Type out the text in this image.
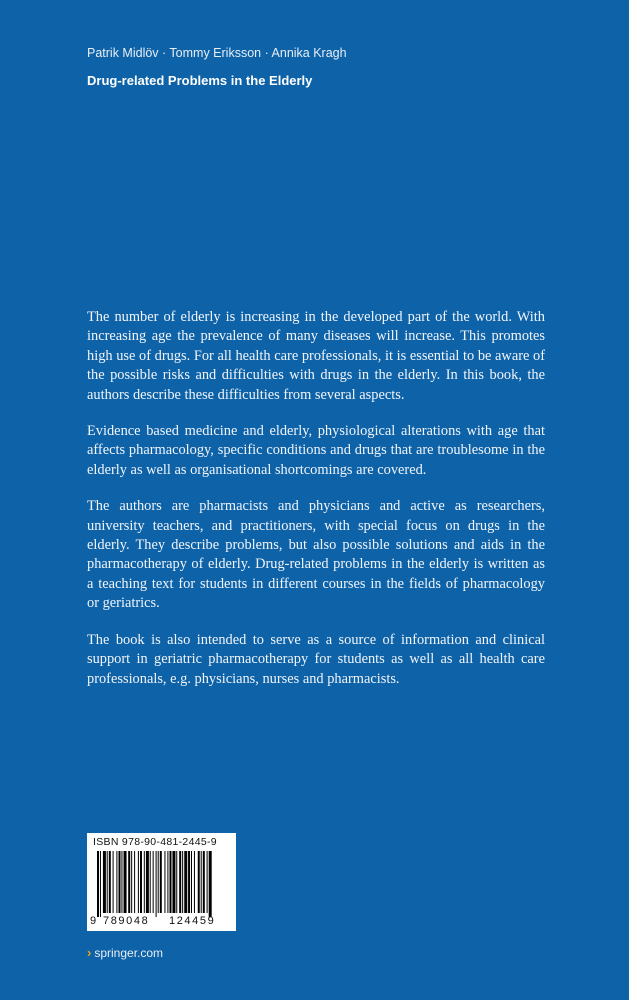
Patrik Midlöv · Tommy Eriksson · Annika Kragh
Drug-related Problems in the Elderly

The number of elderly is increasing in the developed part of the world. With increasing age the prevalence of many diseases will increase. This promotes high use of drugs. For all health care professionals, it is essential to be aware of the possible risks and difficulties with drugs in the elderly. In this book, the authors describe these difficulties from several aspects.

Evidence based medicine and elderly, physiological alterations with age that affects pharmacology, specific conditions and drugs that are troublesome in the elderly as well as organisational shortcomings are covered.

The authors are pharmacists and physicians and active as researchers, university teachers, and practitioners, with special focus on drugs in the elderly. They describe problems, but also possible solutions and aids in the pharmacotherapy of elderly. Drug-related problems in the elderly is written as a teaching text for students in different courses in the fields of pharmacology or geriatrics.

The book is also intended to serve as a source of information and clinical support in geriatric pharmacotherapy for students as well as all health care professionals, e.g. physicians, nurses and pharmacists.

ISBN 978-90-481-2445-9
9 789048 124459
› springer.com
